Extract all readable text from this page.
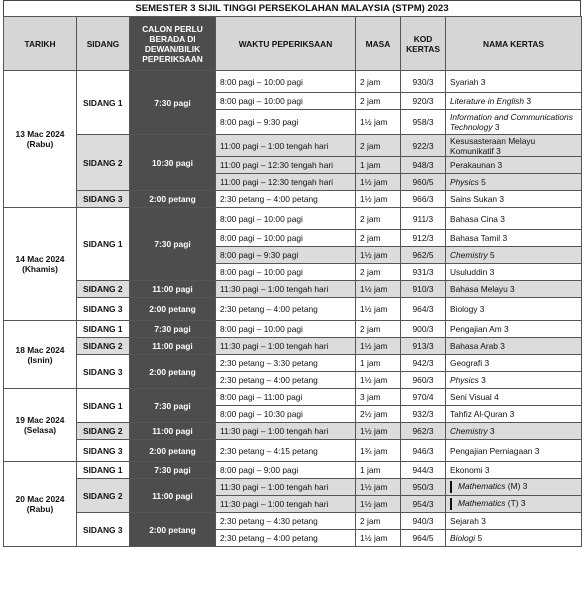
SEMESTER 3 SIJIL TINGGI PERSEKOLAHAN MALAYSIA (STPM) 2023
TARIKH	SIDANG	CALON PERLU BERADA DI DEWAN/BILIK PEPERIKSAAN	WAKTU PEPERIKSAAN	MASA	KOD KERTAS	NAMA KERTAS

13 Mac 2024
(Rabu)	SIDANG 1	7:30 pagi	8:00 pagi – 10:00 pagi	2 jam	930/3	Syariah 3
			8:00 pagi – 10:00 pagi	2 jam	920/3	Literature in English 3
			8:00 pagi – 9:30 pagi	1½ jam	958/3	Information and Communications Technology 3
	SIDANG 2	10:30 pagi	11:00 pagi – 1:00 tengah hari	2 jam	922/3	Kesusasteraan Melayu Komunikatif 3
			11:00 pagi – 12:30 tengah hari	1 jam	948/3	Perakaunan 3
			11:00 pagi – 12:30 tengah hari	1½ jam	960/5	Physics 5
	SIDANG 3	2:00 petang	2:30 petang – 4:00 petang	1½ jam	966/3	Sains Sukan 3

14 Mac 2024
(Khamis)	SIDANG 1	7:30 pagi	8:00 pagi – 10:00 pagi	2 jam	911/3	Bahasa Cina 3
			8:00 pagi – 10:00 pagi	2 jam	912/3	Bahasa Tamil 3
			8:00 pagi – 9:30 pagi	1½ jam	962/5	Chemistry 5
			8:00 pagi – 10:00 pagi	2 jam	931/3	Usuluddin 3
	SIDANG 2	11:00 pagi	11:30 pagi – 1:00 tengah hari	1½ jam	910/3	Bahasa Melayu 3
	SIDANG 3	2:00 petang	2:30 petang – 4:00 petang	1½ jam	964/3	Biology 3

18 Mac 2024
(Isnin)	SIDANG 1	7:30 pagi	8:00 pagi – 10:00 pagi	2 jam	900/3	Pengajian Am 3
	SIDANG 2	11:00 pagi	11:30 pagi – 1:00 tengah hari	1½ jam	913/3	Bahasa Arab 3
	SIDANG 3	2:00 petang	2:30 petang – 3:30 petang	1 jam	942/3	Geografi 3
			2:30 petang – 4:00 petang	1½ jam	960/3	Physics 3

19 Mac 2024
(Selasa)	SIDANG 1	7:30 pagi	8:00 pagi – 11:00 pagi	3 jam	970/4	Seni Visual 4
			8:00 pagi – 10:30 pagi	2½ jam	932/3	Tahfiz Al-Quran 3
	SIDANG 2	11:00 pagi	11:30 pagi – 1:00 tengah hari	1½ jam	962/3	Chemistry 3
	SIDANG 3	2:00 petang	2:30 petang – 4:15 petang	1¾ jam	946/3	Pengajian Perniagaan 3

20 Mac 2024
(Rabu)	SIDANG 1	7:30 pagi	8:00 pagi – 9:00 pagi	1 jam	944/3	Ekonomi 3
	SIDANG 2	11:00 pagi	11:30 pagi – 1:00 tengah hari	1½ jam	950/3	Mathematics (M) 3
			11:30 pagi – 1:00 tengah hari	1½ jam	954/3	Mathematics (T) 3
	SIDANG 3	2:00 petang	2:30 petang – 4:30 petang	2 jam	940/3	Sejarah 3
			2:30 petang – 4:00 petang	1½ jam	964/5	Biologi 5
